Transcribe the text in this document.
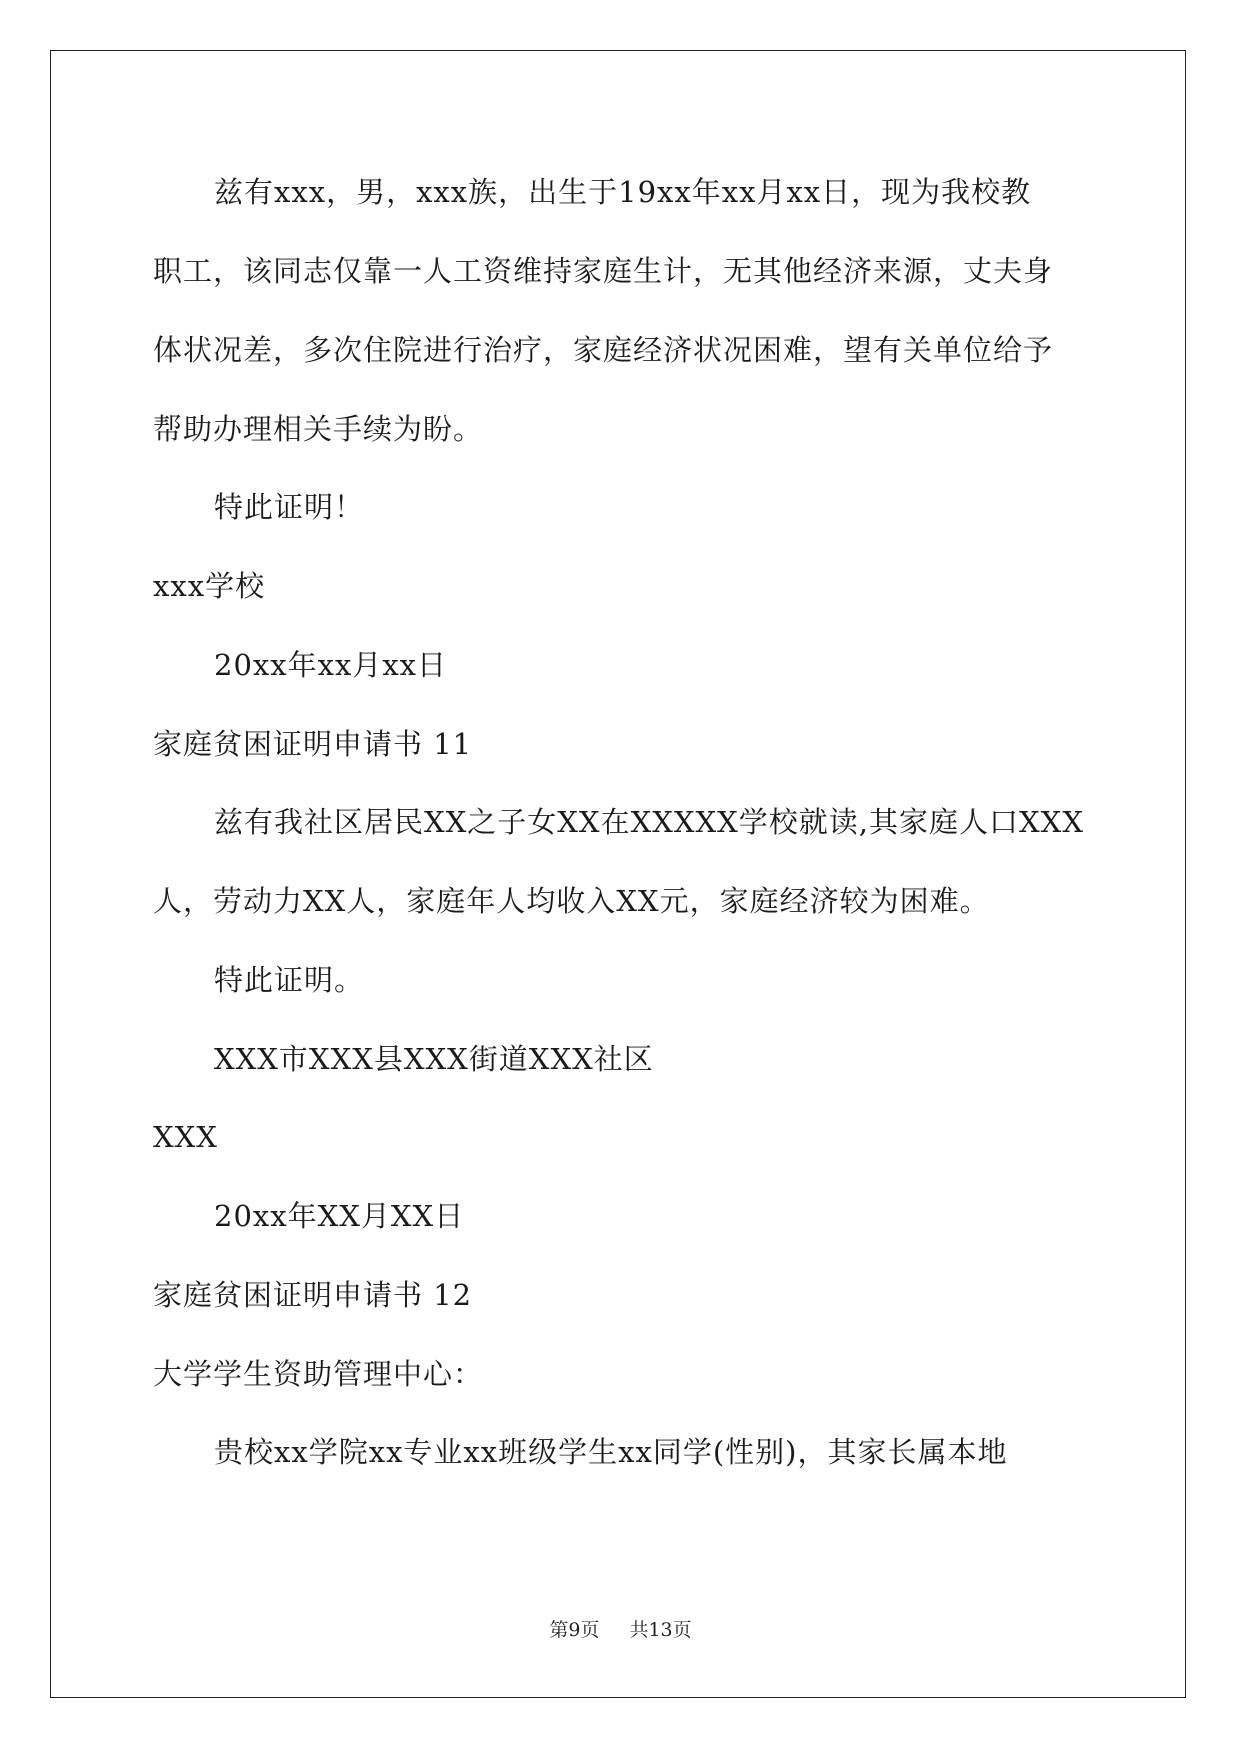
兹有xxx，男，xxx族，出生于19xx年xx月xx日，现为我校教
职工，该同志仅靠一人工资维持家庭生计，无其他经济来源，丈夫身
体状况差，多次住院进行治疗，家庭经济状况困难，望有关单位给予
帮助办理相关手续为盼。
特此证明！
xxx学校
20xx年xx月xx日
家庭贫困证明申请书 11
兹有我社区居民XX之子女XX在XXXXX学校就读,其家庭人口XXX
人，劳动力XX人，家庭年人均收入XX元，家庭经济较为困难。
特此证明。
XXX市XXX县XXX街道XXX社区
XXX
20xx年XX月XX日
家庭贫困证明申请书 12
大学学生资助管理中心：
贵校xx学院xx专业xx班级学生xx同学(性别)，其家长属本地
第9页 共13页
